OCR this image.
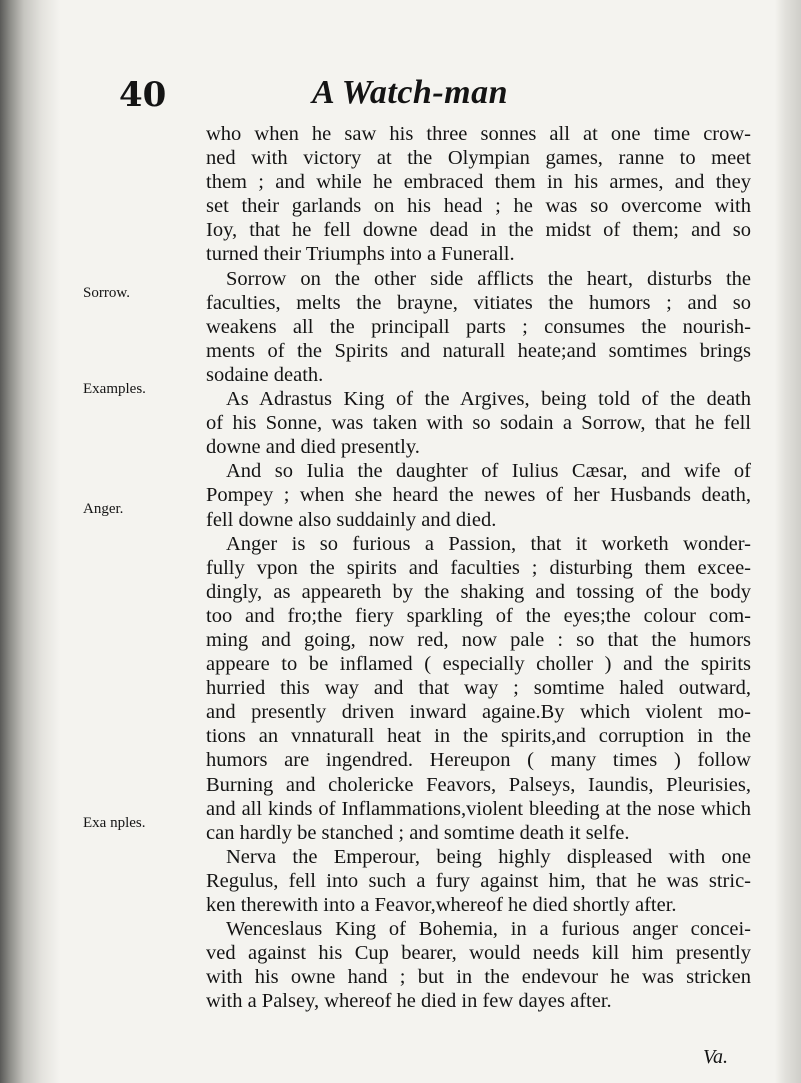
40	A Watch-man
Sorrow.
Examples.
Anger.
Exa nples.
who when he saw his three sonnes all at one time crow-
ned with victory at the Olympian games, ranne to meet
them ; and while he embraced them in his armes, and they
set their garlands on his head ; he was so overcome with
Ioy, that he fell downe dead in the midst of them; and so
turned their Triumphs into a Funerall.
Sorrow on the other side afflicts the heart, disturbs the
faculties, melts the brayne, vitiates the humors ; and so
weakens all the principall parts ; consumes the nourish-
ments of the Spirits and naturall heate;and somtimes brings
sodaine death.
As Adrastus King of the Argives, being told of the death
of his Sonne, was taken with so sodain a Sorrow, that he fell
downe and died presently.
And so Iulia the daughter of Iulius Cæsar, and wife of
Pompey ; when she heard the newes of her Husbands death,
fell downe also suddainly and died.
Anger is so furious a Passion, that it worketh wonder-
fully vpon the spirits and faculties ; disturbing them excee-
dingly, as appeareth by the shaking and tossing of the body
too and fro;the fiery sparkling of the eyes;the colour com-
ming and going, now red, now pale : so that the humors
appeare to be inflamed ( especially choller ) and the spirits
hurried this way and that way ; somtime haled outward,
and presently driven inward againe.By which violent mo-
tions an vnnaturall heat in the spirits,and corruption in the
humors are ingendred. Hereupon ( many times ) follow
Burning and cholericke Feavors, Palseys, Iaundis, Pleurisies,
and all kinds of Inflammations,violent bleeding at the nose which
can hardly be stanched ; and somtime death it selfe.
Nerva the Emperour, being highly displeased with one
Regulus, fell into such a fury against him, that he was stric-
ken therewith into a Feavor,whereof he died shortly after.
Wenceslaus King of Bohemia, in a furious anger concei-
ved against his Cup bearer, would needs kill him presently
with his owne hand ; but in the endevour he was stricken
with a Palsey, whereof he died in few dayes after.
Va.
